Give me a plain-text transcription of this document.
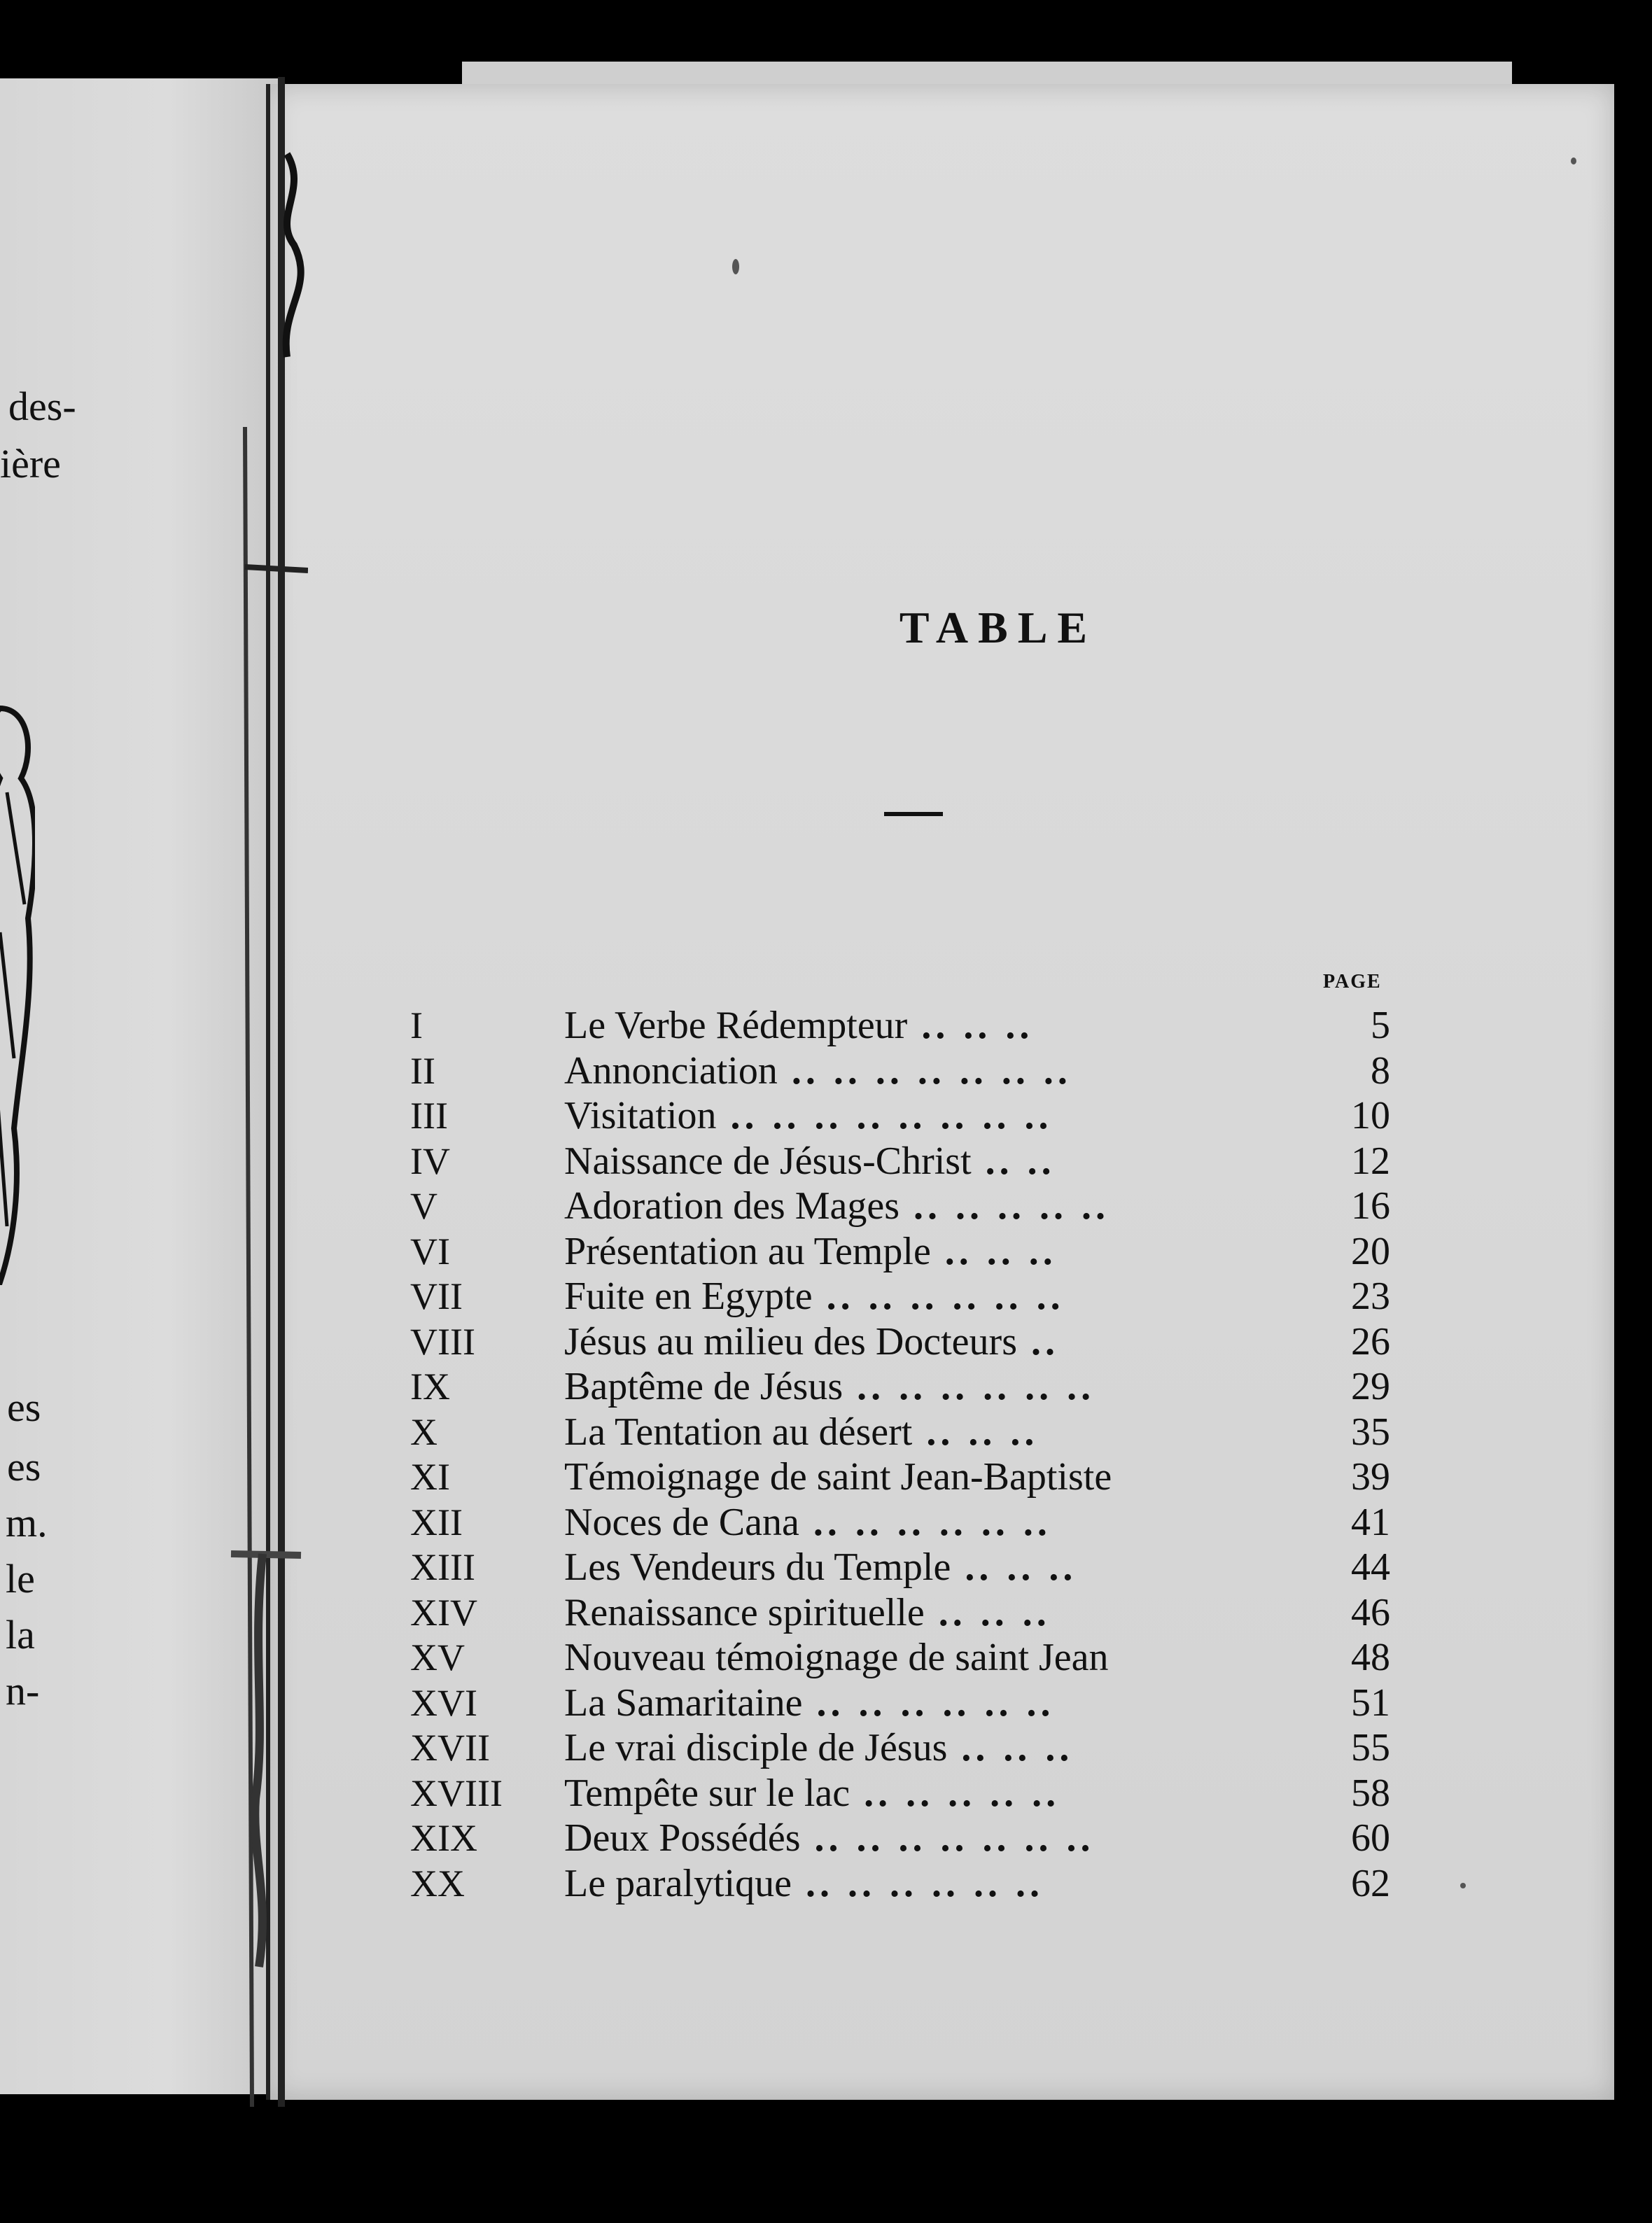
des-
ière
es
es
m.
le
la
n-
TABLE
PAGE
I	Le Verbe Rédempteur .. .. ..	5
II	Annonciation .. .. .. .. .. .. ..	8
III	Visitation .. .. .. .. .. .. .. ..	10
IV	Naissance de Jésus-Christ .. ..	12
V	Adoration des Mages .. .. .. .. ..	16
VI	Présentation au Temple .. .. ..	20
VII	Fuite en Egypte .. .. .. .. .. ..	23
VIII	Jésus au milieu des Docteurs ..	26
IX	Baptême de Jésus .. .. .. .. .. ..	29
X	La Tentation au désert .. .. ..	35
XI	Témoignage de saint Jean-Baptiste	39
XII	Noces de Cana .. .. .. .. .. ..	41
XIII	Les Vendeurs du Temple .. .. ..	44
XIV	Renaissance spirituelle .. .. ..	46
XV	Nouveau témoignage de saint Jean	48
XVI	La Samaritaine .. .. .. .. .. ..	51
XVII	Le vrai disciple de Jésus .. .. ..	55
XVIII	Tempête sur le lac .. .. .. .. ..	58
XIX	Deux Possédés .. .. .. .. .. .. ..	60
XX	Le paralytique .. .. .. .. .. ..	62
